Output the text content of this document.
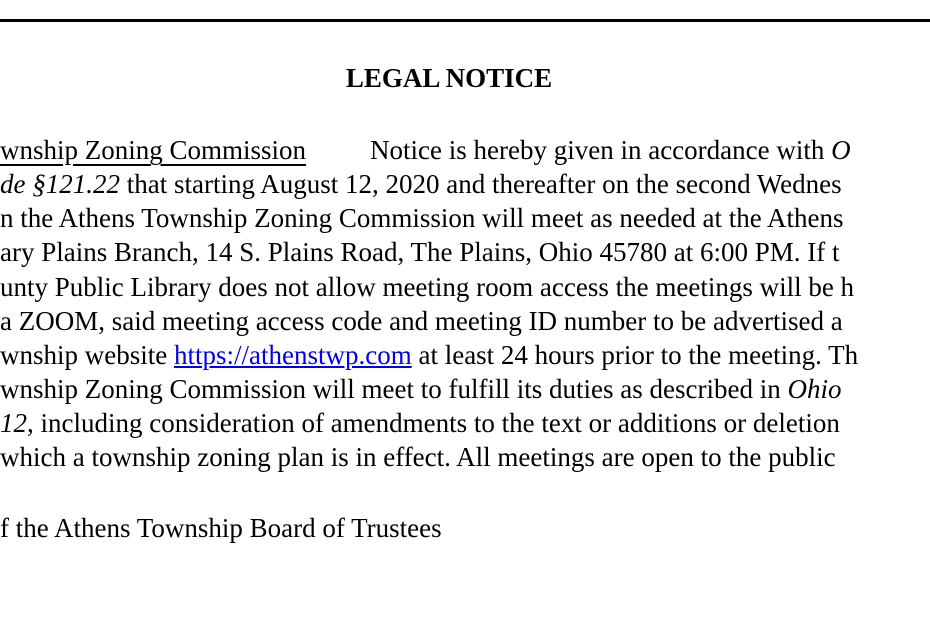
LEGAL NOTICE
wnship Zoning Commission Notice is hereby given in accordance with O
de §121.22 that starting August 12, 2020 and thereafter on the second Wednes
n the Athens Township Zoning Commission will meet as needed at the Athens
ary Plains Branch, 14 S. Plains Road, The Plains, Ohio 45780 at 6:00 PM. If t
unty Public Library does not allow meeting room access the meetings will be h
a ZOOM, said meeting access code and meeting ID number to be advertised a
wnship website https://athenstwp.com at least 24 hours prior to the meeting. Th
wnship Zoning Commission will meet to fulfill its duties as described in Ohio
12, including consideration of amendments to the text or additions or deletion
which a township zoning plan is in effect. All meetings are open to the public
f the Athens Township Board of Trustees
